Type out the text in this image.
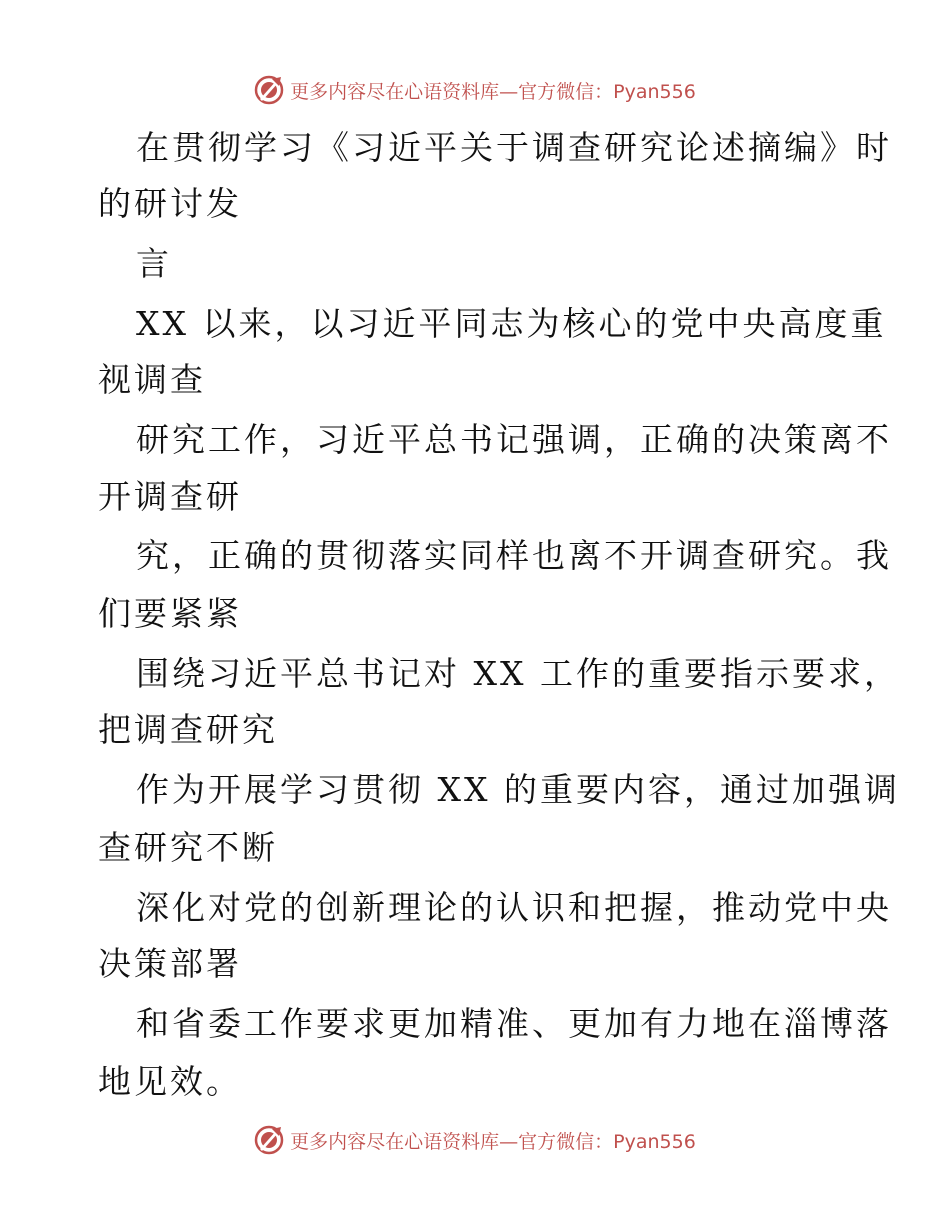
更多内容尽在心语资料库—官方微信：Pyan556
在贯彻学习《习近平关于调查研究论述摘编》时
的研讨发
言
XX 以来，以习近平同志为核心的党中央高度重
视调查
研究工作，习近平总书记强调，正确的决策离不
开调查研
究，正确的贯彻落实同样也离不开调查研究。我
们要紧紧
围绕习近平总书记对 XX 工作的重要指示要求，
把调查研究
作为开展学习贯彻 XX 的重要内容，通过加强调
查研究不断
深化对党的创新理论的认识和把握，推动党中央
决策部署
和省委工作要求更加精准、更加有力地在淄博落
地见效。
更多内容尽在心语资料库—官方微信：Pyan556
